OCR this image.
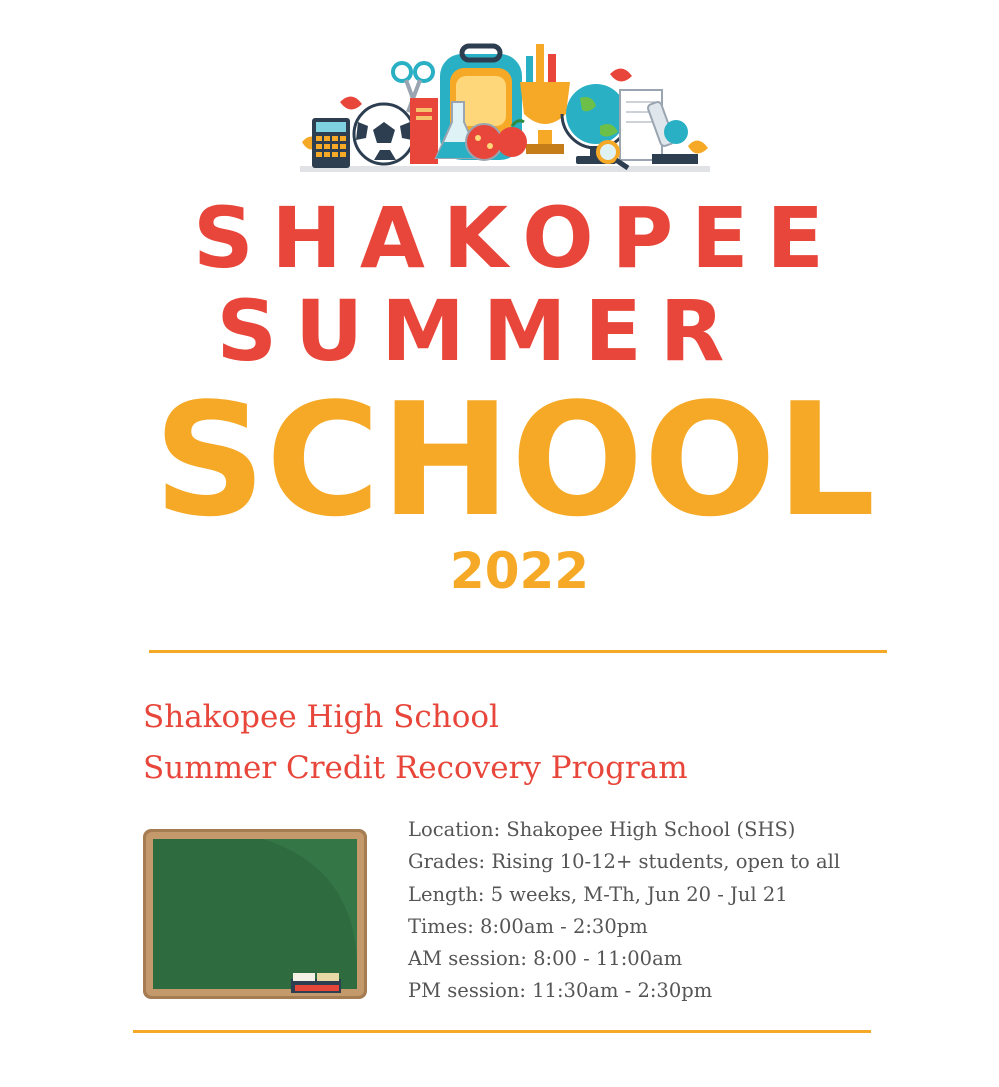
SHAKOPEE
SUMMER
SCHOOL
2022
Shakopee High School
Summer Credit Recovery Program
Location: Shakopee High School (SHS)
Grades: Rising 10-12+ students, open to all
Length: 5 weeks, M-Th, Jun 20 - Jul 21
Times: 8:00am - 2:30pm
AM session: 8:00 - 11:00am
PM session: 11:30am - 2:30pm
